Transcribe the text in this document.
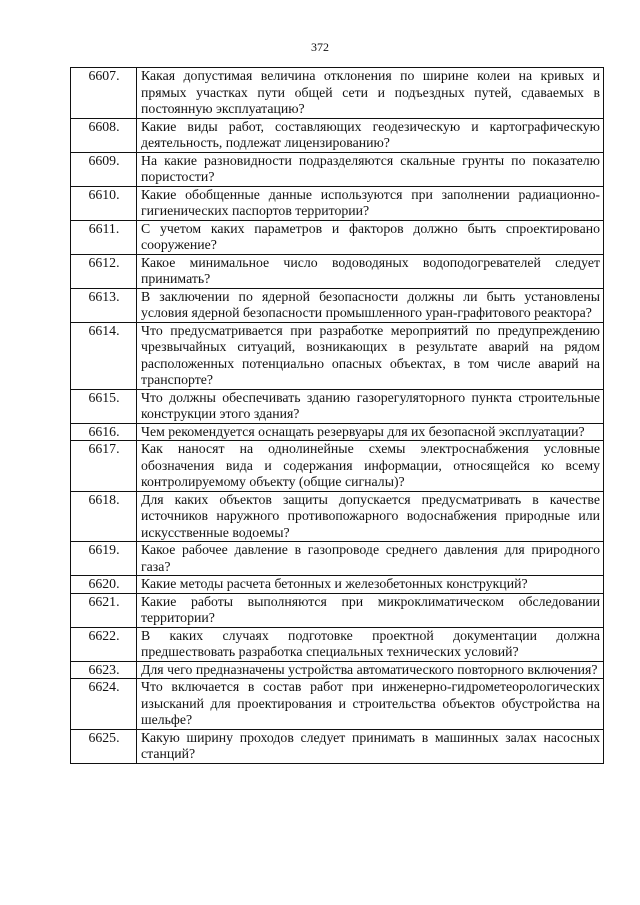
372
6607.	Какая допустимая величина отклонения по ширине колеи на кривых и прямых участках пути общей сети и подъездных путей, сдаваемых в постоянную эксплуатацию?
6608.	Какие виды работ, составляющих геодезическую и картографическую деятельность, подлежат лицензированию?
6609.	На какие разновидности подразделяются скальные грунты по показателю пористости?
6610.	Какие обобщенные данные используются при заполнении радиационно- гигиенических паспортов территории?
6611.	С учетом каких параметров и факторов должно быть спроектировано сооружение?
6612.	Какое минимальное число водоводяных водоподогревателей следует принимать?
6613.	В заключении по ядерной безопасности должны ли быть установлены условия ядерной безопасности промышленного уран-графитового реактора?
6614.	Что предусматривается при разработке мероприятий по предупреждению чрезвычайных ситуаций, возникающих в результате аварий на рядом расположенных потенциально опасных объектах, в том числе аварий на транспорте?
6615.	Что должны обеспечивать зданию газорегуляторного пункта строительные конструкции этого здания?
6616.	Чем рекомендуется оснащать резервуары для их безопасной эксплуатации?
6617.	Как наносят на однолинейные схемы электроснабжения условные обозначения вида и содержания информации, относящейся ко всему контролируемому объекту (общие сигналы)?
6618.	Для каких объектов защиты допускается предусматривать в качестве источников наружного противопожарного водоснабжения природные или искусственные водоемы?
6619.	Какое рабочее давление в газопроводе среднего давления для природного газа?
6620.	Какие методы расчета бетонных и железобетонных конструкций?
6621.	Какие работы выполняются при микроклиматическом обследовании территории?
6622.	В каких случаях подготовке проектной документации должна предшествовать разработка специальных технических условий?
6623.	Для чего предназначены устройства автоматического повторного включения?
6624.	Что включается в состав работ при инженерно-гидрометеорологических изысканий для проектирования и строительства объектов обустройства на шельфе?
6625.	Какую ширину проходов следует принимать в машинных залах насосных станций?
